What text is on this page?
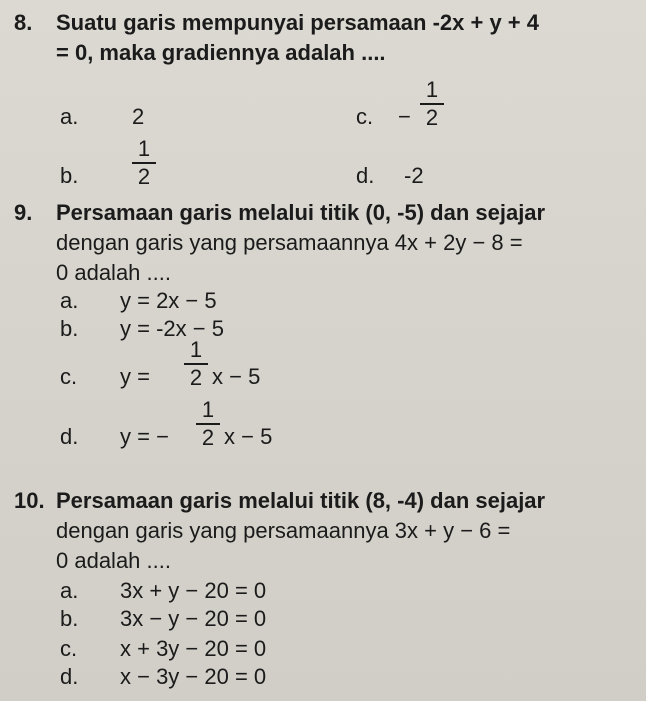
8. Suatu garis mempunyai persamaan -2x + y + 4
= 0, maka gradiennya adalah ....
a. 2	c. −
1
2
b.
1
2	d. -2
9. Persamaan garis melalui titik (0, -5) dan sejajar
dengan garis yang persamaannya 4x + 2y − 8 =
0 adalah ....
a. y = 2x − 5
b. y = -2x − 5
c. y =
1
2 x − 5
d. y = −
1
2 x − 5
10. Persamaan garis melalui titik (8, -4) dan sejajar
dengan garis yang persamaannya 3x + y − 6 =
0 adalah ....
a. 3x + y − 20 = 0
b. 3x − y − 20 = 0
c. x + 3y − 20 = 0
d. x − 3y − 20 = 0
